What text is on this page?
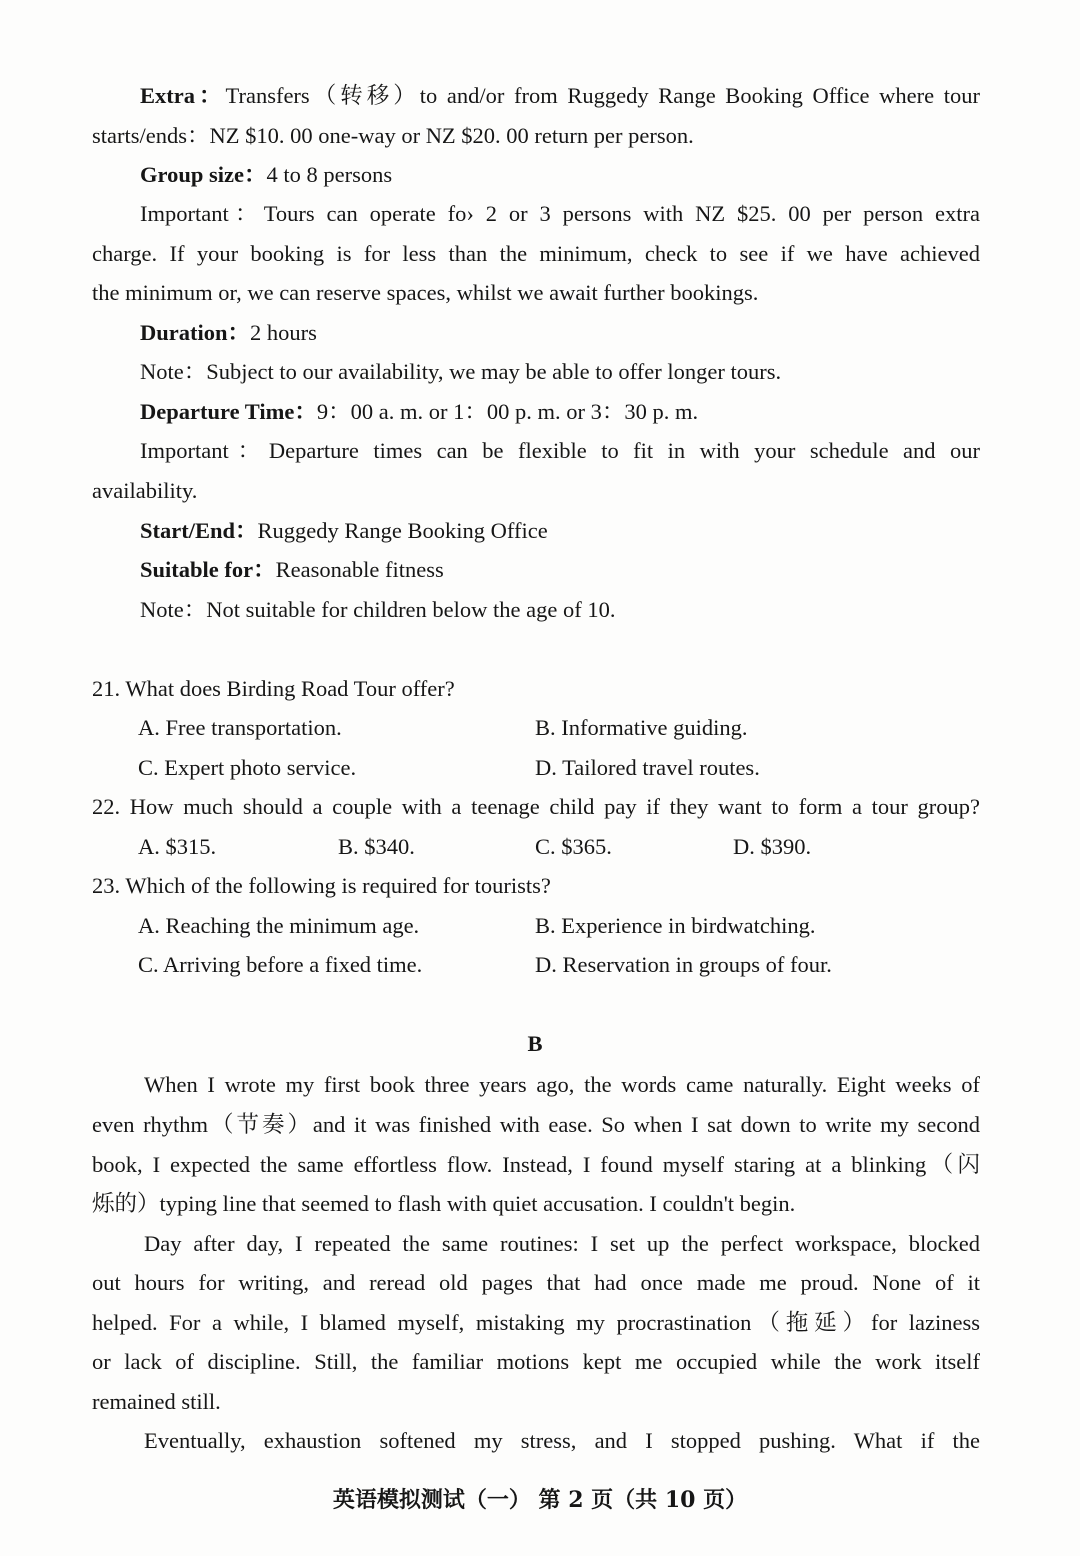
Extra：Transfers（转移）to and/or from Ruggedy Range Booking Office where tour
starts/ends：NZ $10. 00 one-way or NZ $20. 00 return per person.
Group size：4 to 8 persons
Important：Tours can operate fo› 2 or 3 persons with NZ $25. 00 per person extra
charge. If your booking is for less than the minimum, check to see if we have achieved
the minimum or, we can reserve spaces, whilst we await further bookings.
Duration：2 hours
Note：Subject to our availability, we may be able to offer longer tours.
Departure Time：9：00 a. m. or 1：00 p. m. or 3：30 p. m.
Important：Departure times can be flexible to fit in with your schedule and our
availability.
Start/End：Ruggedy Range Booking Office
Suitable for：Reasonable fitness
Note：Not suitable for children below the age of 10.
21. What does Birding Road Tour offer?
A. Free transportation.	B. Informative guiding.
C. Expert photo service.	D. Tailored travel routes.
22. How much should a couple with a teenage child pay if they want to form a tour group?
A. $315.	B. $340.	C. $365.	D. $390.
23. Which of the following is required for tourists?
A. Reaching the minimum age.	B. Experience in birdwatching.
C. Arriving before a fixed time.	D. Reservation in groups of four.
B
When I wrote my first book three years ago, the words came naturally. Eight weeks of
even rhythm（节奏）and it was finished with ease. So when I sat down to write my second
book, I expected the same effortless flow. Instead, I found myself staring at a blinking（闪
烁的）typing line that seemed to flash with quiet accusation. I couldn't begin.
Day after day, I repeated the same routines: I set up the perfect workspace, blocked
out hours for writing, and reread old pages that had once made me proud. None of it
helped. For a while, I blamed myself, mistaking my procrastination（拖延）for laziness
or lack of discipline. Still, the familiar motions kept me occupied while the work itself
remained still.
Eventually, exhaustion softened my stress, and I stopped pushing. What if the
英语模拟测试（一） 第 2 页（共 10 页）
